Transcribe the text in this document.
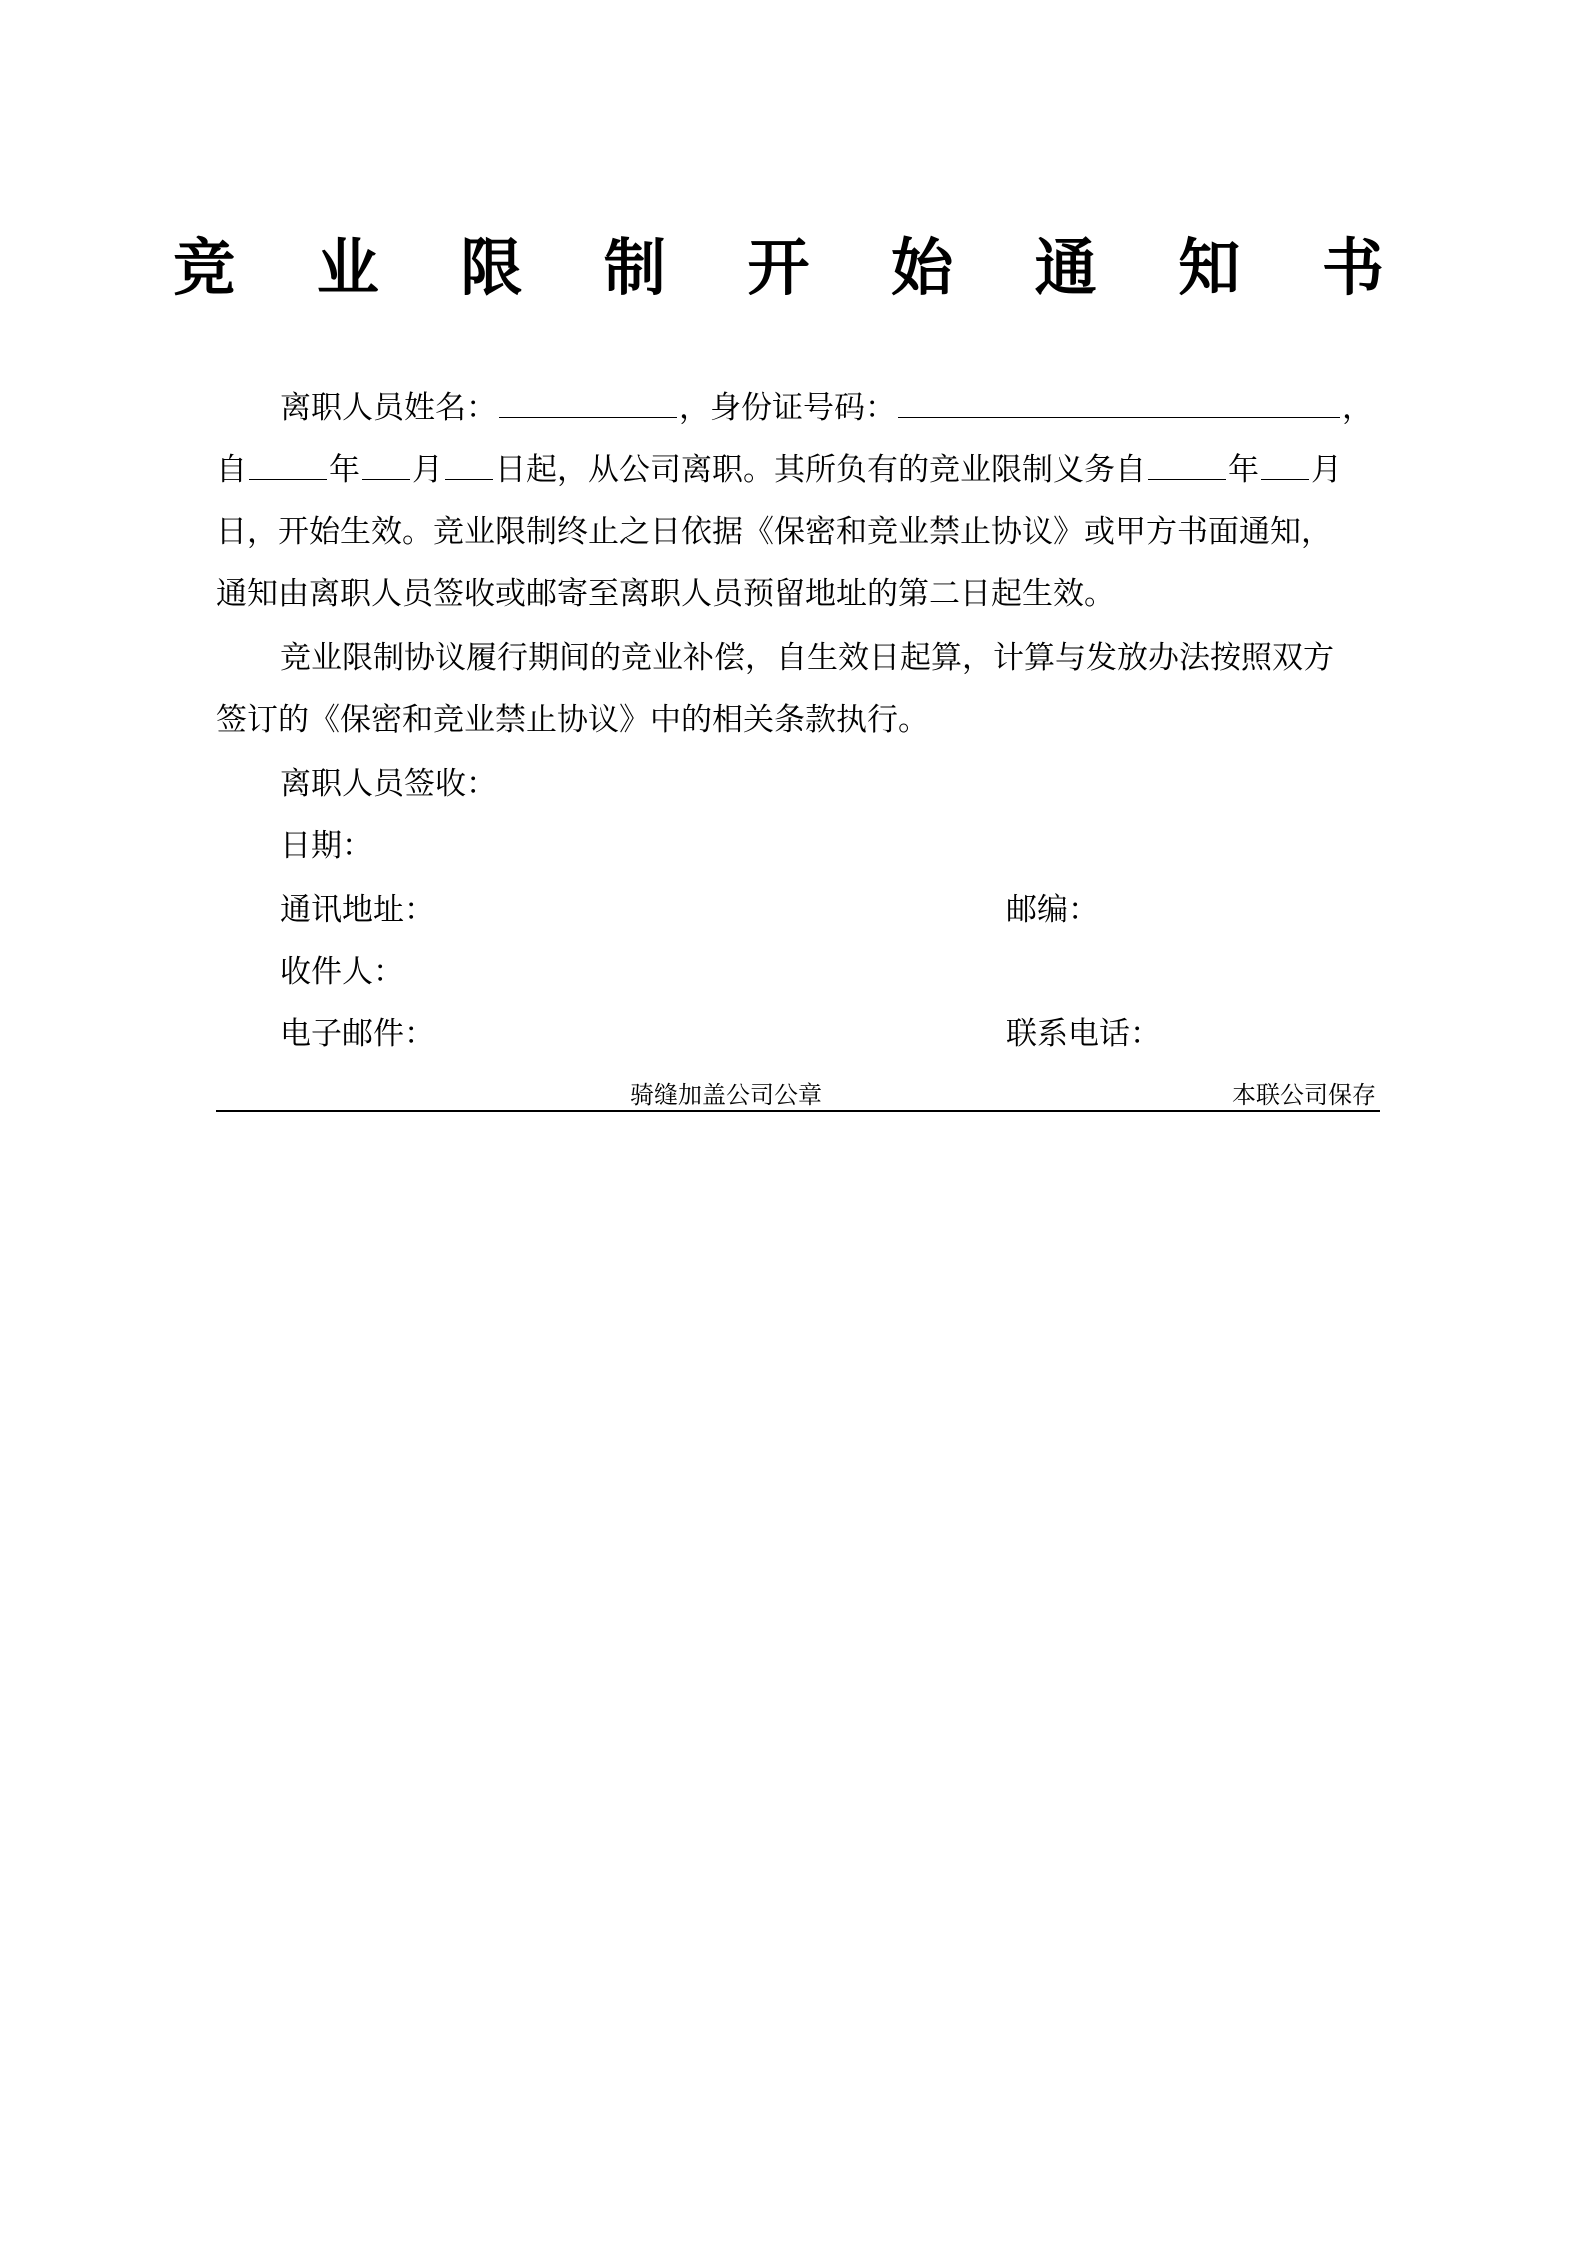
竞 业 限 制 开 始 通 知 书
离职人员姓名：	，身份证号码：	，
自	年 月 日起，从公司离职。其所负有的竞业限制义务自	年 月
日，开始生效。竞业限制终止之日依据《保密和竞业禁止协议》或甲方书面通知，
通知由离职人员签收或邮寄至离职人员预留地址的第二日起生效。
竞业限制协议履行期间的竞业补偿，自生效日起算，计算与发放办法按照双方
签订的《保密和竞业禁止协议》中的相关条款执行。
离职人员签收：
日期：
通讯地址：	邮编：
收件人：
电子邮件：	联系电话：
骑缝加盖公司公章	本联公司保存
